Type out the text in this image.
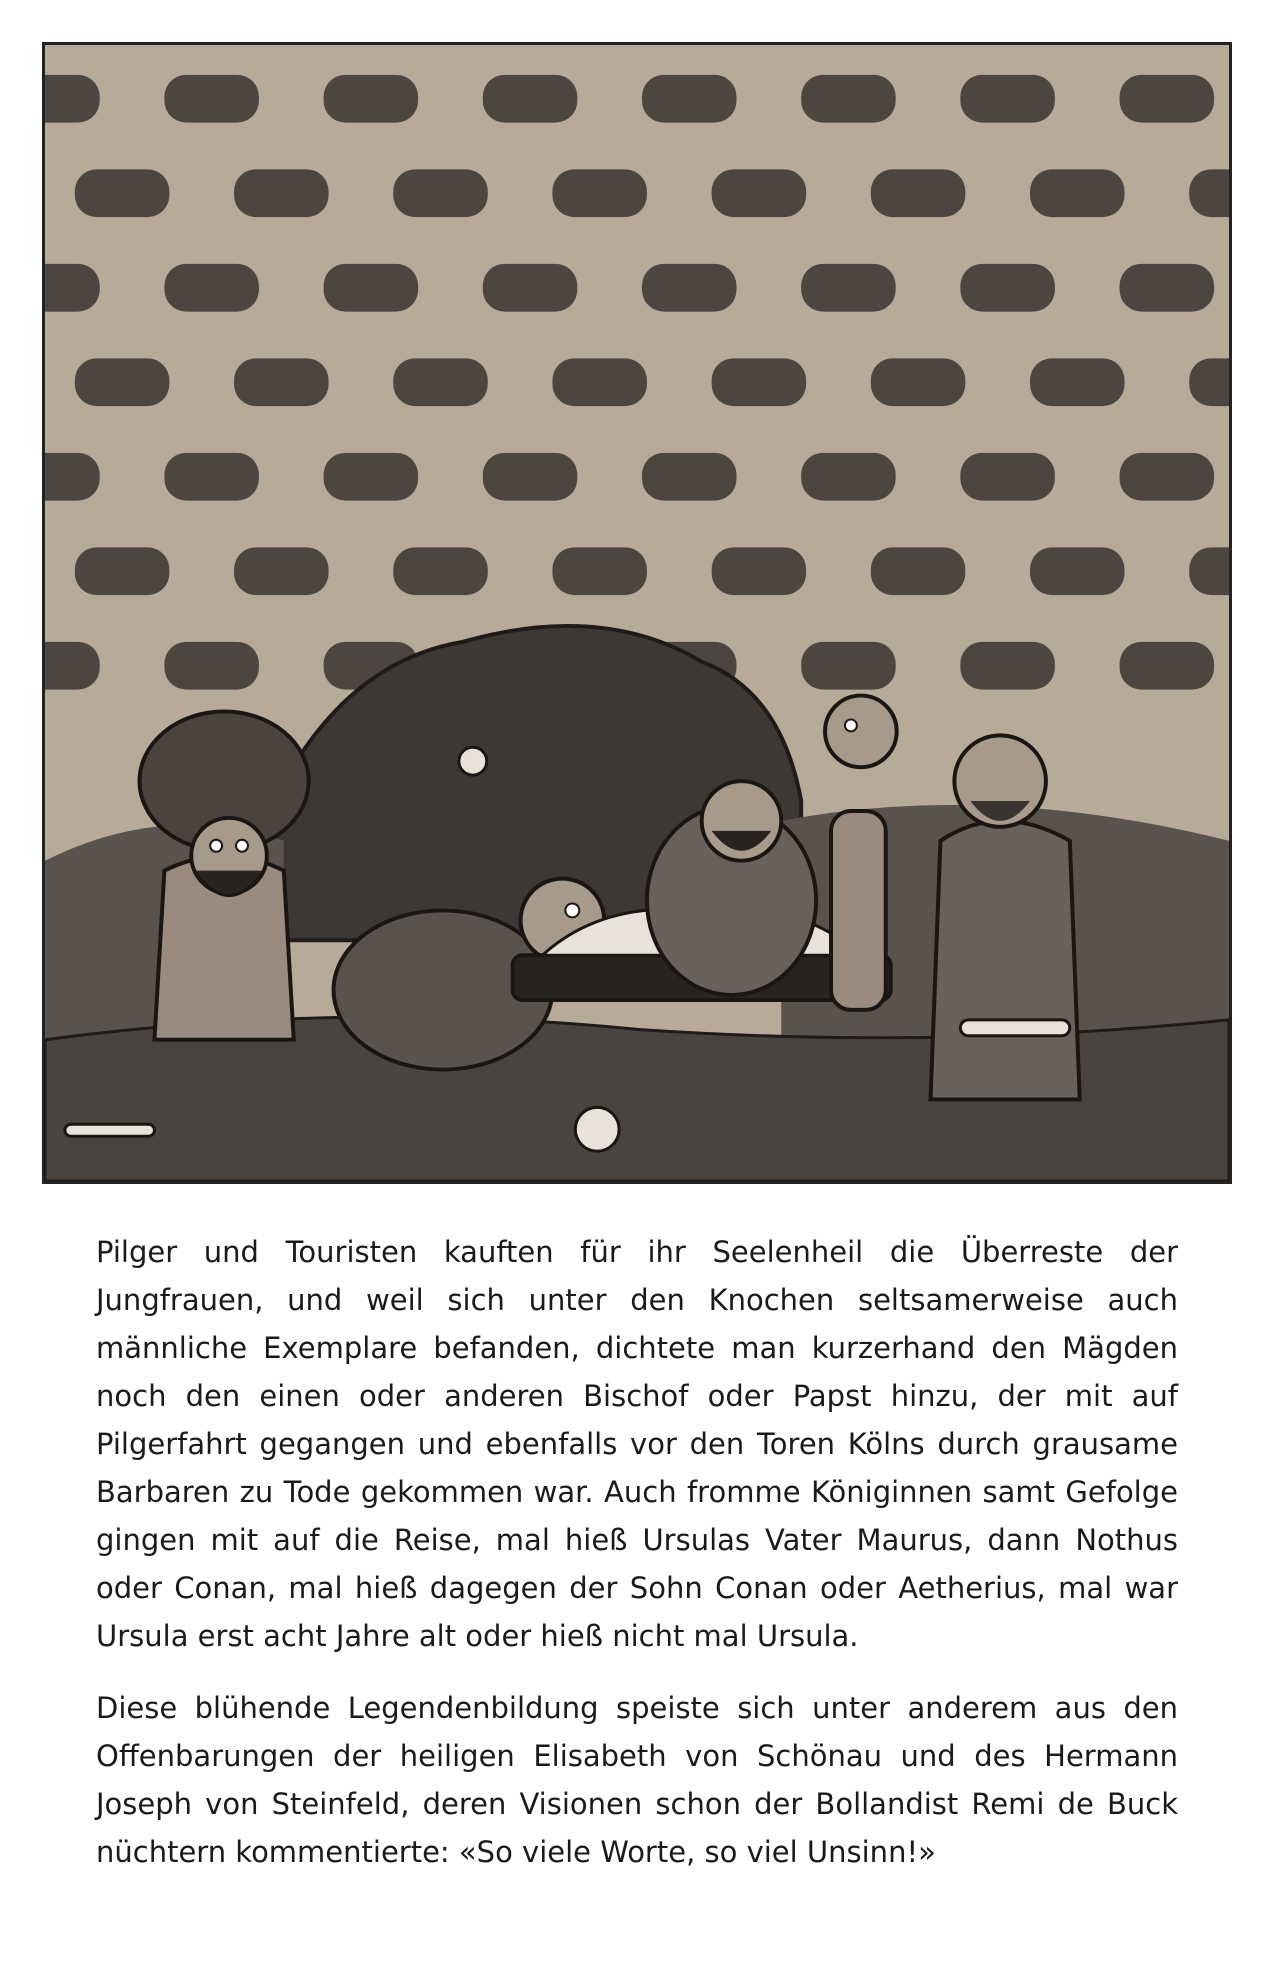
Pilger und Touristen kauften für ihr Seelenheil die Überreste der Jungfrauen, und weil sich unter den Knochen seltsamerweise auch männliche Exemplare befanden, dichtete man kurzerhand den Mägden noch den einen oder anderen Bischof oder Papst hinzu, der mit auf Pilgerfahrt gegangen und ebenfalls vor den Toren Kölns durch grausame Barbaren zu Tode gekommen war. Auch fromme Königinnen samt Gefolge gingen mit auf die Reise, mal hieß Ursulas Vater Maurus, dann Nothus oder Conan, mal hieß dagegen der Sohn Conan oder Aetherius, mal war Ursula erst acht Jahre alt oder hieß nicht mal Ursula.

Diese blühende Legendenbildung speiste sich unter anderem aus den Offenbarungen der heiligen Elisabeth von Schönau und des Hermann Joseph von Steinfeld, deren Visionen schon der Bollandist Remi de Buck nüchtern kommentierte: «So viele Worte, so viel Unsinn!»
